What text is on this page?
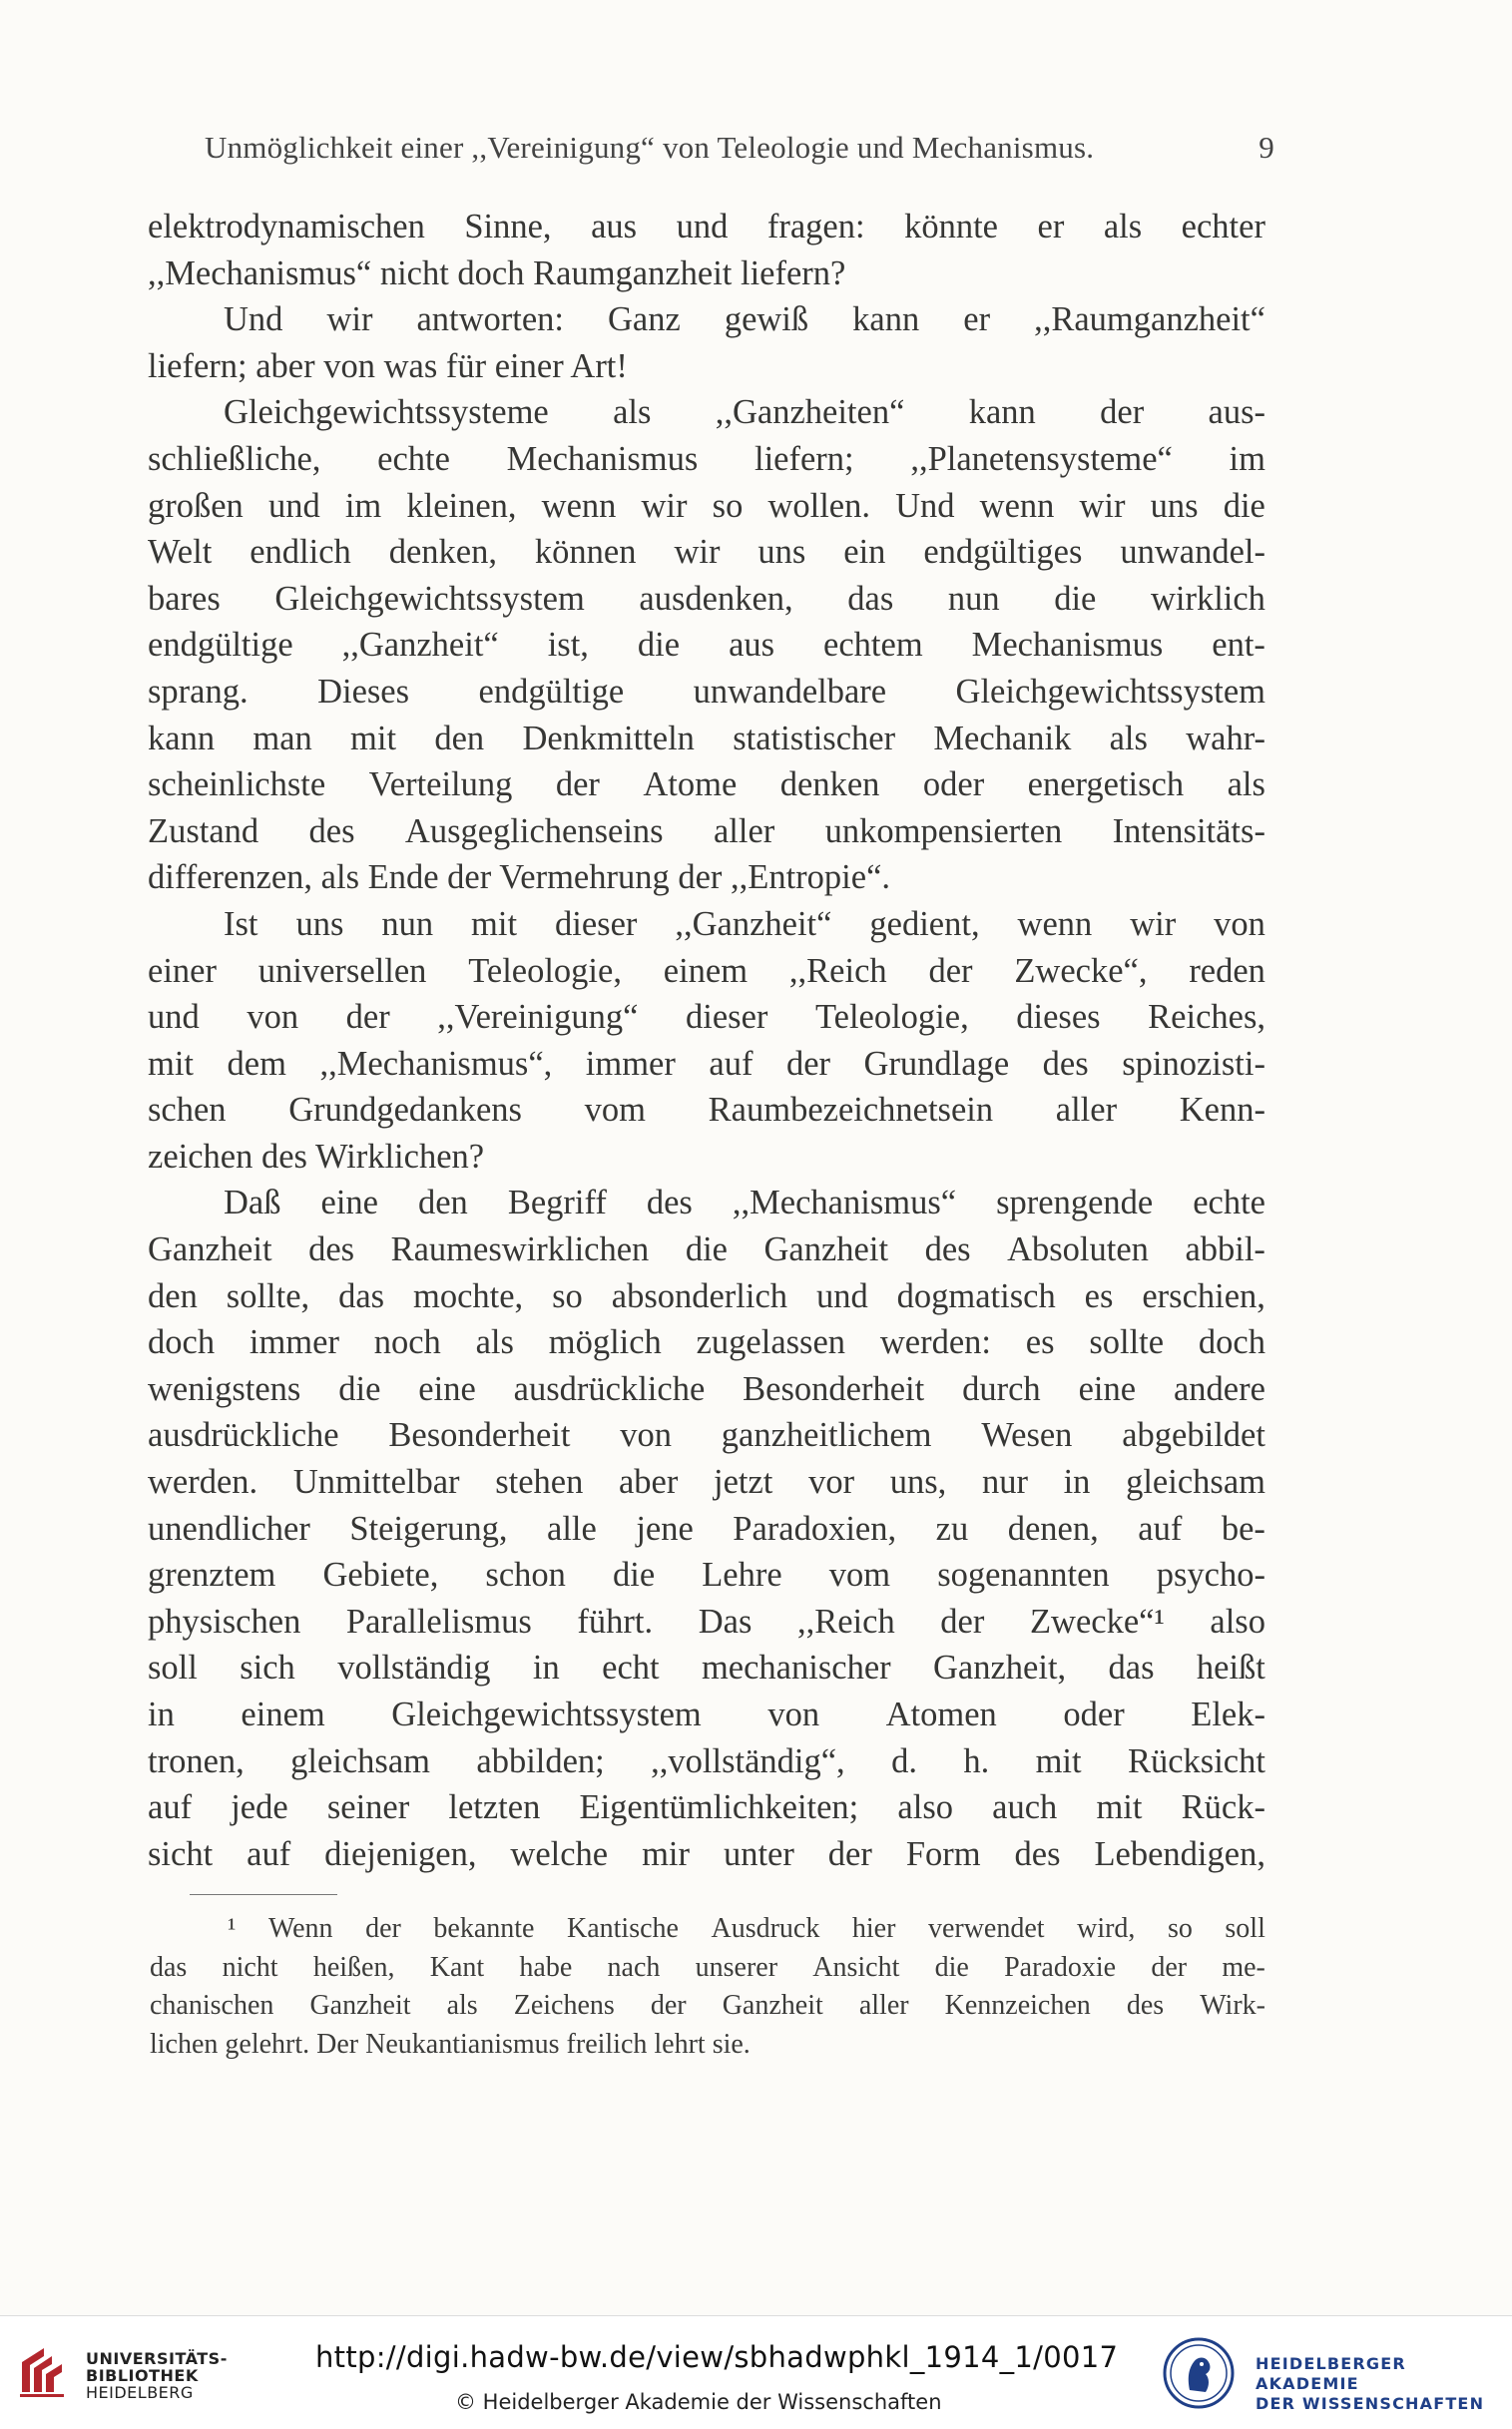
Unmöglichkeit einer ,,Vereinigung“ von Teleologie und Mechanismus.	9
elektrodynamischen Sinne, aus und fragen: könnte er als echter
,,Mechanismus“ nicht doch Raumganzheit liefern?
Und wir antworten: Ganz gewiß kann er ,,Raumganzheit“
liefern; aber von was für einer Art!
Gleichgewichtssysteme als ,,Ganzheiten“ kann der aus-
schließliche, echte Mechanismus liefern; ,,Planetensysteme“ im
großen und im kleinen, wenn wir so wollen. Und wenn wir uns die
Welt endlich denken, können wir uns ein endgültiges unwandel-
bares Gleichgewichtssystem ausdenken, das nun die wirklich
endgültige ,,Ganzheit“ ist, die aus echtem Mechanismus ent-
sprang. Dieses endgültige unwandelbare Gleichgewichtssystem
kann man mit den Denkmitteln statistischer Mechanik als wahr-
scheinlichste Verteilung der Atome denken oder energetisch als
Zustand des Ausgeglichenseins aller unkompensierten Intensitäts-
differenzen, als Ende der Vermehrung der ,,Entropie“.
Ist uns nun mit dieser ,,Ganzheit“ gedient, wenn wir von
einer universellen Teleologie, einem ,,Reich der Zwecke“, reden
und von der ,,Vereinigung“ dieser Teleologie, dieses Reiches,
mit dem ,,Mechanismus“, immer auf der Grundlage des spinozisti-
schen Grundgedankens vom Raumbezeichnetsein aller Kenn-
zeichen des Wirklichen?
Daß eine den Begriff des ,,Mechanismus“ sprengende echte
Ganzheit des Raumeswirklichen die Ganzheit des Absoluten abbil-
den sollte, das mochte, so absonderlich und dogmatisch es erschien,
doch immer noch als möglich zugelassen werden: es sollte doch
wenigstens die eine ausdrückliche Besonderheit durch eine andere
ausdrückliche Besonderheit von ganzheitlichem Wesen abgebildet
werden. Unmittelbar stehen aber jetzt vor uns, nur in gleichsam
unendlicher Steigerung, alle jene Paradoxien, zu denen, auf be-
grenztem Gebiete, schon die Lehre vom sogenannten psycho-
physischen Parallelismus führt. Das ,,Reich der Zwecke“¹ also
soll sich vollständig in echt mechanischer Ganzheit, das heißt
in einem Gleichgewichtssystem von Atomen oder Elek-
tronen, gleichsam abbilden; ,,vollständig“, d. h. mit Rücksicht
auf jede seiner letzten Eigentümlichkeiten; also auch mit Rück-
sicht auf diejenigen, welche mir unter der Form des Lebendigen,
¹ Wenn der bekannte Kantische Ausdruck hier verwendet wird, so soll
das nicht heißen, Kant habe nach unserer Ansicht die Paradoxie der me-
chanischen Ganzheit als Zeichens der Ganzheit aller Kennzeichen des Wirk-
lichen gelehrt. Der Neukantianismus freilich lehrt sie.
UNIVERSITÄTS-
BIBLIOTHEK
HEIDELBERG
http://digi.hadw-bw.de/view/sbhadwphkl_1914_1/0017
© Heidelberger Akademie der Wissenschaften
HEIDELBERGER AKADEMIE
DER WISSENSCHAFTEN
